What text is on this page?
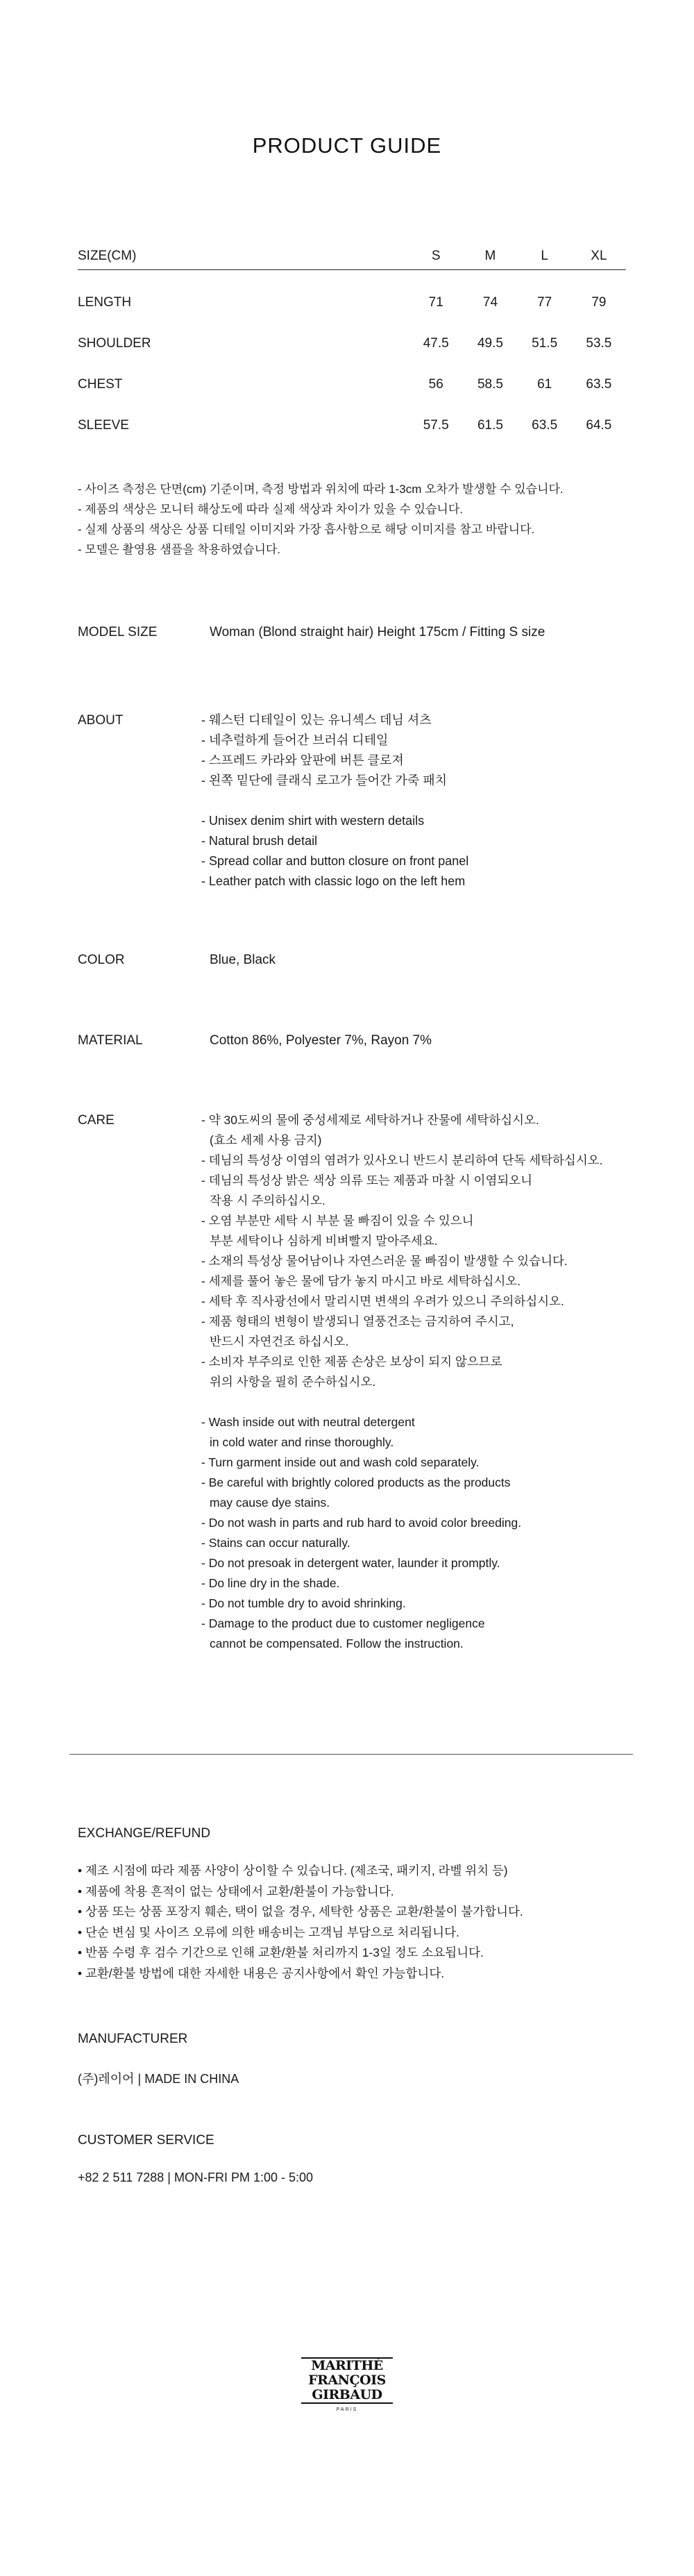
PRODUCT GUIDE
SIZE(CM)	S	M	L	XL
LENGTH	71	74	77	79
SHOULDER	47.5	49.5	51.5	53.5
CHEST	56	58.5	61	63.5
SLEEVE	57.5	61.5	63.5	64.5
- 사이즈 측정은 단면(cm) 기준이며, 측정 방법과 위치에 따라 1-3cm 오차가 발생할 수 있습니다.
- 제품의 색상은 모니터 해상도에 따라 실제 색상과 차이가 있을 수 있습니다.
- 실제 상품의 색상은 상품 디테일 이미지와 가장 흡사함으로 해당 이미지를 참고 바랍니다.
- 모델은 촬영용 샘플을 착용하였습니다.
MODEL SIZE	Woman (Blond straight hair) Height 175cm / Fitting S size
ABOUT	- 웨스턴 디테일이 있는 유니섹스 데님 셔츠
- 네추럴하게 들어간 브러쉬 디테일
- 스프레드 카라와 앞판에 버튼 클로져
- 왼쪽 밑단에 클래식 로고가 들어간 가죽 패치
- Unisex denim shirt with western details
- Natural brush detail
- Spread collar and button closure on front panel
- Leather patch with classic logo on the left hem
COLOR	Blue, Black
MATERIAL	Cotton 86%, Polyester 7%, Rayon 7%
CARE	- 약 30도씨의 물에 중성세제로 세탁하거나 잔물에 세탁하십시오.
(효소 세제 사용 금지)
- 데님의 특성상 이염의 염려가 있사오니 반드시 분리하여 단독 세탁하십시오.
- 데님의 특성상 밝은 색상 의류 또는 제품과 마찰 시 이염되오니
작용 시 주의하십시오.
- 오염 부분만 세탁 시 부분 물 빠짐이 있을 수 있으니
부분 세탁이나 심하게 비벼빨지 말아주세요.
- 소재의 특성상 물어남이나 자연스러운 물 빠짐이 발생할 수 있습니다.
- 세제를 풀어 놓은 물에 담가 놓지 마시고 바로 세탁하십시오.
- 세탁 후 직사광선에서 말리시면 변색의 우려가 있으니 주의하십시오.
- 제품 형태의 변형이 발생되니 열풍건조는 금지하여 주시고,
반드시 자연건조 하십시오.
- 소비자 부주의로 인한 제품 손상은 보상이 되지 않으므로
위의 사항을 필히 준수하십시오.
- Wash inside out with neutral detergent
in cold water and rinse thoroughly.
- Turn garment inside out and wash cold separately.
- Be careful with brightly colored products as the products
may cause dye stains.
- Do not wash in parts and rub hard to avoid color breeding.
- Stains can occur naturally.
- Do not presoak in detergent water, launder it promptly.
- Do line dry in the shade.
- Do not tumble dry to avoid shrinking.
- Damage to the product due to customer negligence
cannot be compensated. Follow the instruction.
EXCHANGE/REFUND
• 제조 시점에 따라 제품 사양이 상이할 수 있습니다. (제조국, 패키지, 라벨 위치 등)
• 제품에 착용 흔적이 없는 상태에서 교환/환불이 가능합니다.
• 상품 또는 상품 포장지 훼손, 택이 없을 경우, 세탁한 상품은 교환/환불이 불가합니다.
• 단순 변심 및 사이즈 오류에 의한 배송비는 고객님 부담으로 처리됩니다.
• 반품 수령 후 검수 기간으로 인해 교환/환불 처리까지 1-3일 정도 소요됩니다.
• 교환/환불 방법에 대한 자세한 내용은 공지사항에서 확인 가능합니다.
MANUFACTURER
(주)레이어 | MADE IN CHINA
CUSTOMER SERVICE
+82 2 511 7288 | MON-FRI PM 1:00 - 5:00
MARITHÉ
FRANÇOIS
GIRBAUD
PARIS
